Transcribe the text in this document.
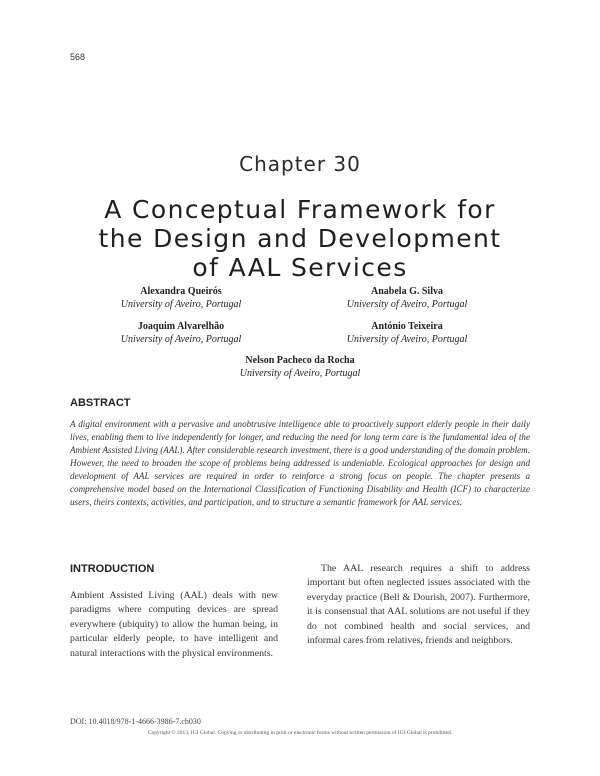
568
Chapter 30
A Conceptual Framework for
the Design and Development
of AAL Services
Alexandra Queirós
University of Aveiro, Portugal
Anabela G. Silva
University of Aveiro, Portugal
Joaquim Alvarelhão
University of Aveiro, Portugal
António Teixeira
University of Aveiro, Portugal
Nelson Pacheco da Rocha
University of Aveiro, Portugal
ABSTRACT

A digital environment with a pervasive and unobtrusive intelligence able to proactively support elderly people in their daily lives, enabling them to live independently for longer, and reducing the need for long term care is the fundamental idea of the Ambient Assisted Living (AAL). After considerable research investment, there is a good understanding of the domain problem. However, the need to broaden the scope of problems being addressed is undeniable. Ecological approaches for design and development of AAL services are required in order to reinforce a strong focus on people. The chapter presents a comprehensive model based on the International Classification of Functioning Disability and Health (ICF) to characterize users, theirs contexts, activities, and participation, and to structure a semantic framework for AAL services.

INTRODUCTION

Ambient Assisted Living (AAL) deals with new paradigms where computing devices are spread everywhere (ubiquity) to allow the human being, in particular elderly people, to have intelligent and natural interactions with the physical environments.

The AAL research requires a shift to address important but often neglected issues associated with the everyday practice (Bell & Dourish, 2007). Furthermore, it is consensual that AAL solutions are not useful if they do not combined health and social services, and informal cares from relatives, friends and neighbors.

DOI: 10.4018/978-1-4666-3986-7.ch030
Copyright © 2013, IGI Global. Copying or distributing in print or electronic forms without written permission of IGI Global is prohibited.
